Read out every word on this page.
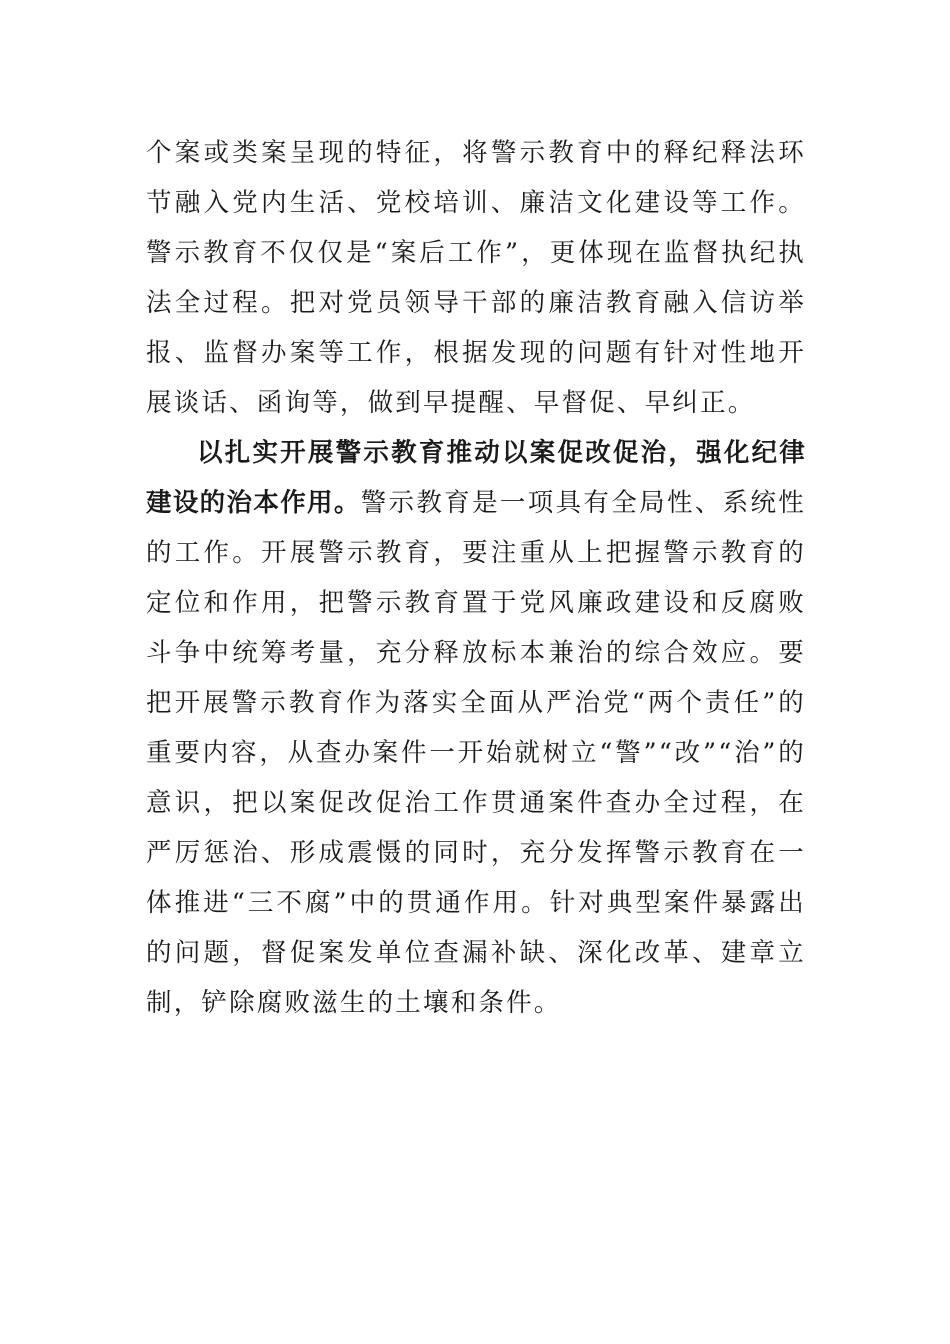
个案或类案呈现的特征，将警示教育中的释纪释法环节融入党内生活、党校培训、廉洁文化建设等工作。警示教育不仅仅是“案后工作”，更体现在监督执纪执法全过程。把对党员领导干部的廉洁教育融入信访举报、监督办案等工作，根据发现的问题有针对性地开展谈话、函询等，做到早提醒、早督促、早纠正。

以扎实开展警示教育推动以案促改促治，强化纪律建设的治本作用。警示教育是一项具有全局性、系统性的工作。开展警示教育，要注重从上把握警示教育的定位和作用，把警示教育置于党风廉政建设和反腐败斗争中统筹考量，充分释放标本兼治的综合效应。要把开展警示教育作为落实全面从严治党“两个责任”的重要内容，从查办案件一开始就树立“警”“改”“治”的意识，把以案促改促治工作贯通案件查办全过程，在严厉惩治、形成震慑的同时，充分发挥警示教育在一体推进“三不腐”中的贯通作用。针对典型案件暴露出的问题，督促案发单位查漏补缺、深化改革、建章立制，铲除腐败滋生的土壤和条件。
